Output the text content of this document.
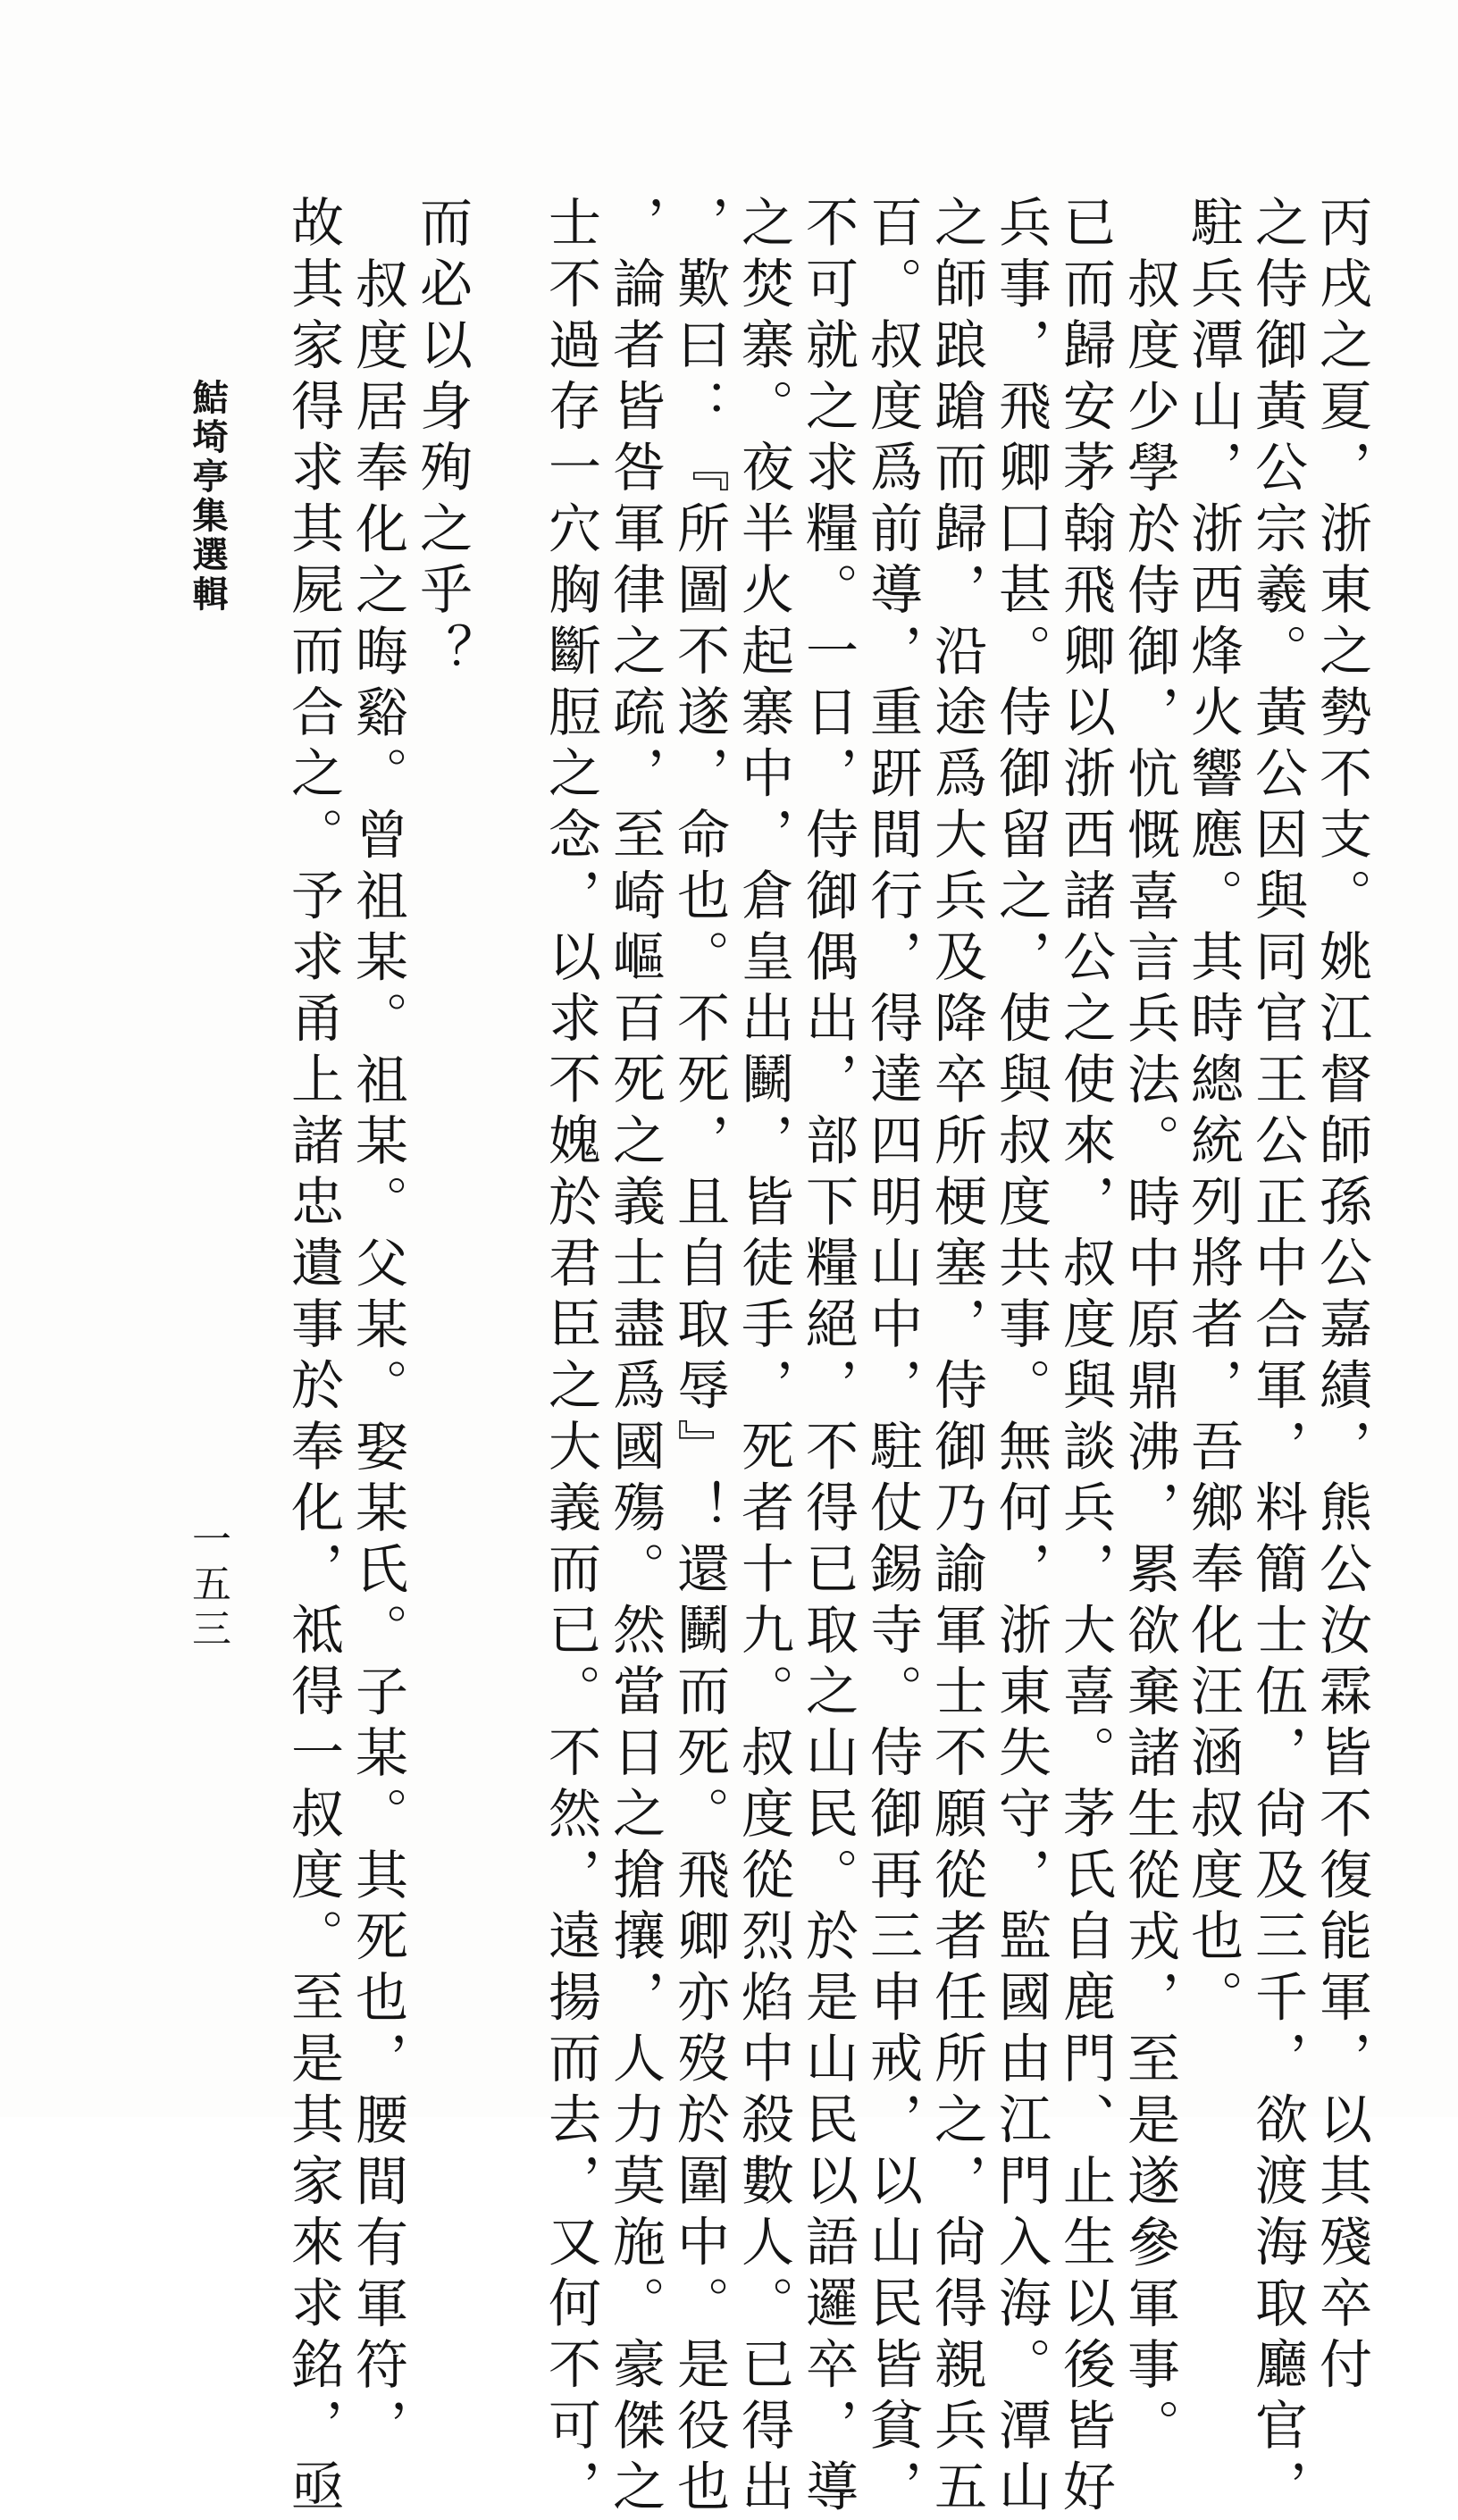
丙戌之夏，浙東之勢不支。姚江督師孫公嘉績，熊公汝霖皆不復能軍，以其殘卒付
之侍御黃公宗羲。黃公因與同官王公正中合軍，料簡士伍，尙及三千，欲渡海取廳官，
駐兵潭山，浙西烽火響應。其時總統列將者，吾鄉奉化汪涵叔度也。
叔度少學於侍御，忼慨喜言兵法。時中原鼎沸，累欲棄諸生從戎，至是遂參軍事。
已而歸安茅翰飛卿以浙西諸公之使來，叔度與談兵，大喜。茅氏自鹿門、止生以後皆好
兵事，飛卿囗甚。侍御留之，使與叔度共事。無何，浙東失守，監國由江門入海。潭山
之師踉蹌而歸，沿途爲大兵及降卒所梗塞，侍御乃諭軍士不願從者任所之，尙得親兵五
百。叔度爲前導，重趼間行，得達四明山中，駐仗錫寺。侍御再三申戒，以山民皆貧，
不可就之求糧。一日，侍御偶出，部下糧絕，不得已取之山民。於是山民以語邏卒，導
之焚寨。夜半火起寨中，倉皇出鬭，皆徒手，死者十九。叔度從烈焰中殺數人。已得出
，歎曰：『所圖不遂，命也。不死，且自取辱』！還鬭而死。飛卿亦歿於圍中。是役也
，論者皆咎軍律之疏，至崎嶇百死之義士盡爲國殤。然當日之搶攘，人力莫施。豪傑之
士不過存一穴胸斷脰之念，以求不媿於君臣之大義而已。不然，遠揚而去，又何不可，
而必以身殉之乎？
叔度居奉化之晦谿。曾祖某。祖某。父某。娶某氏。子某。其死也，腰間有軍符，
故其家得求其屍而合之。予求甬上諸忠遺事於奉化，祗得一叔度。至是其家來求銘，亟
鮚埼亭集選輯
一五三
